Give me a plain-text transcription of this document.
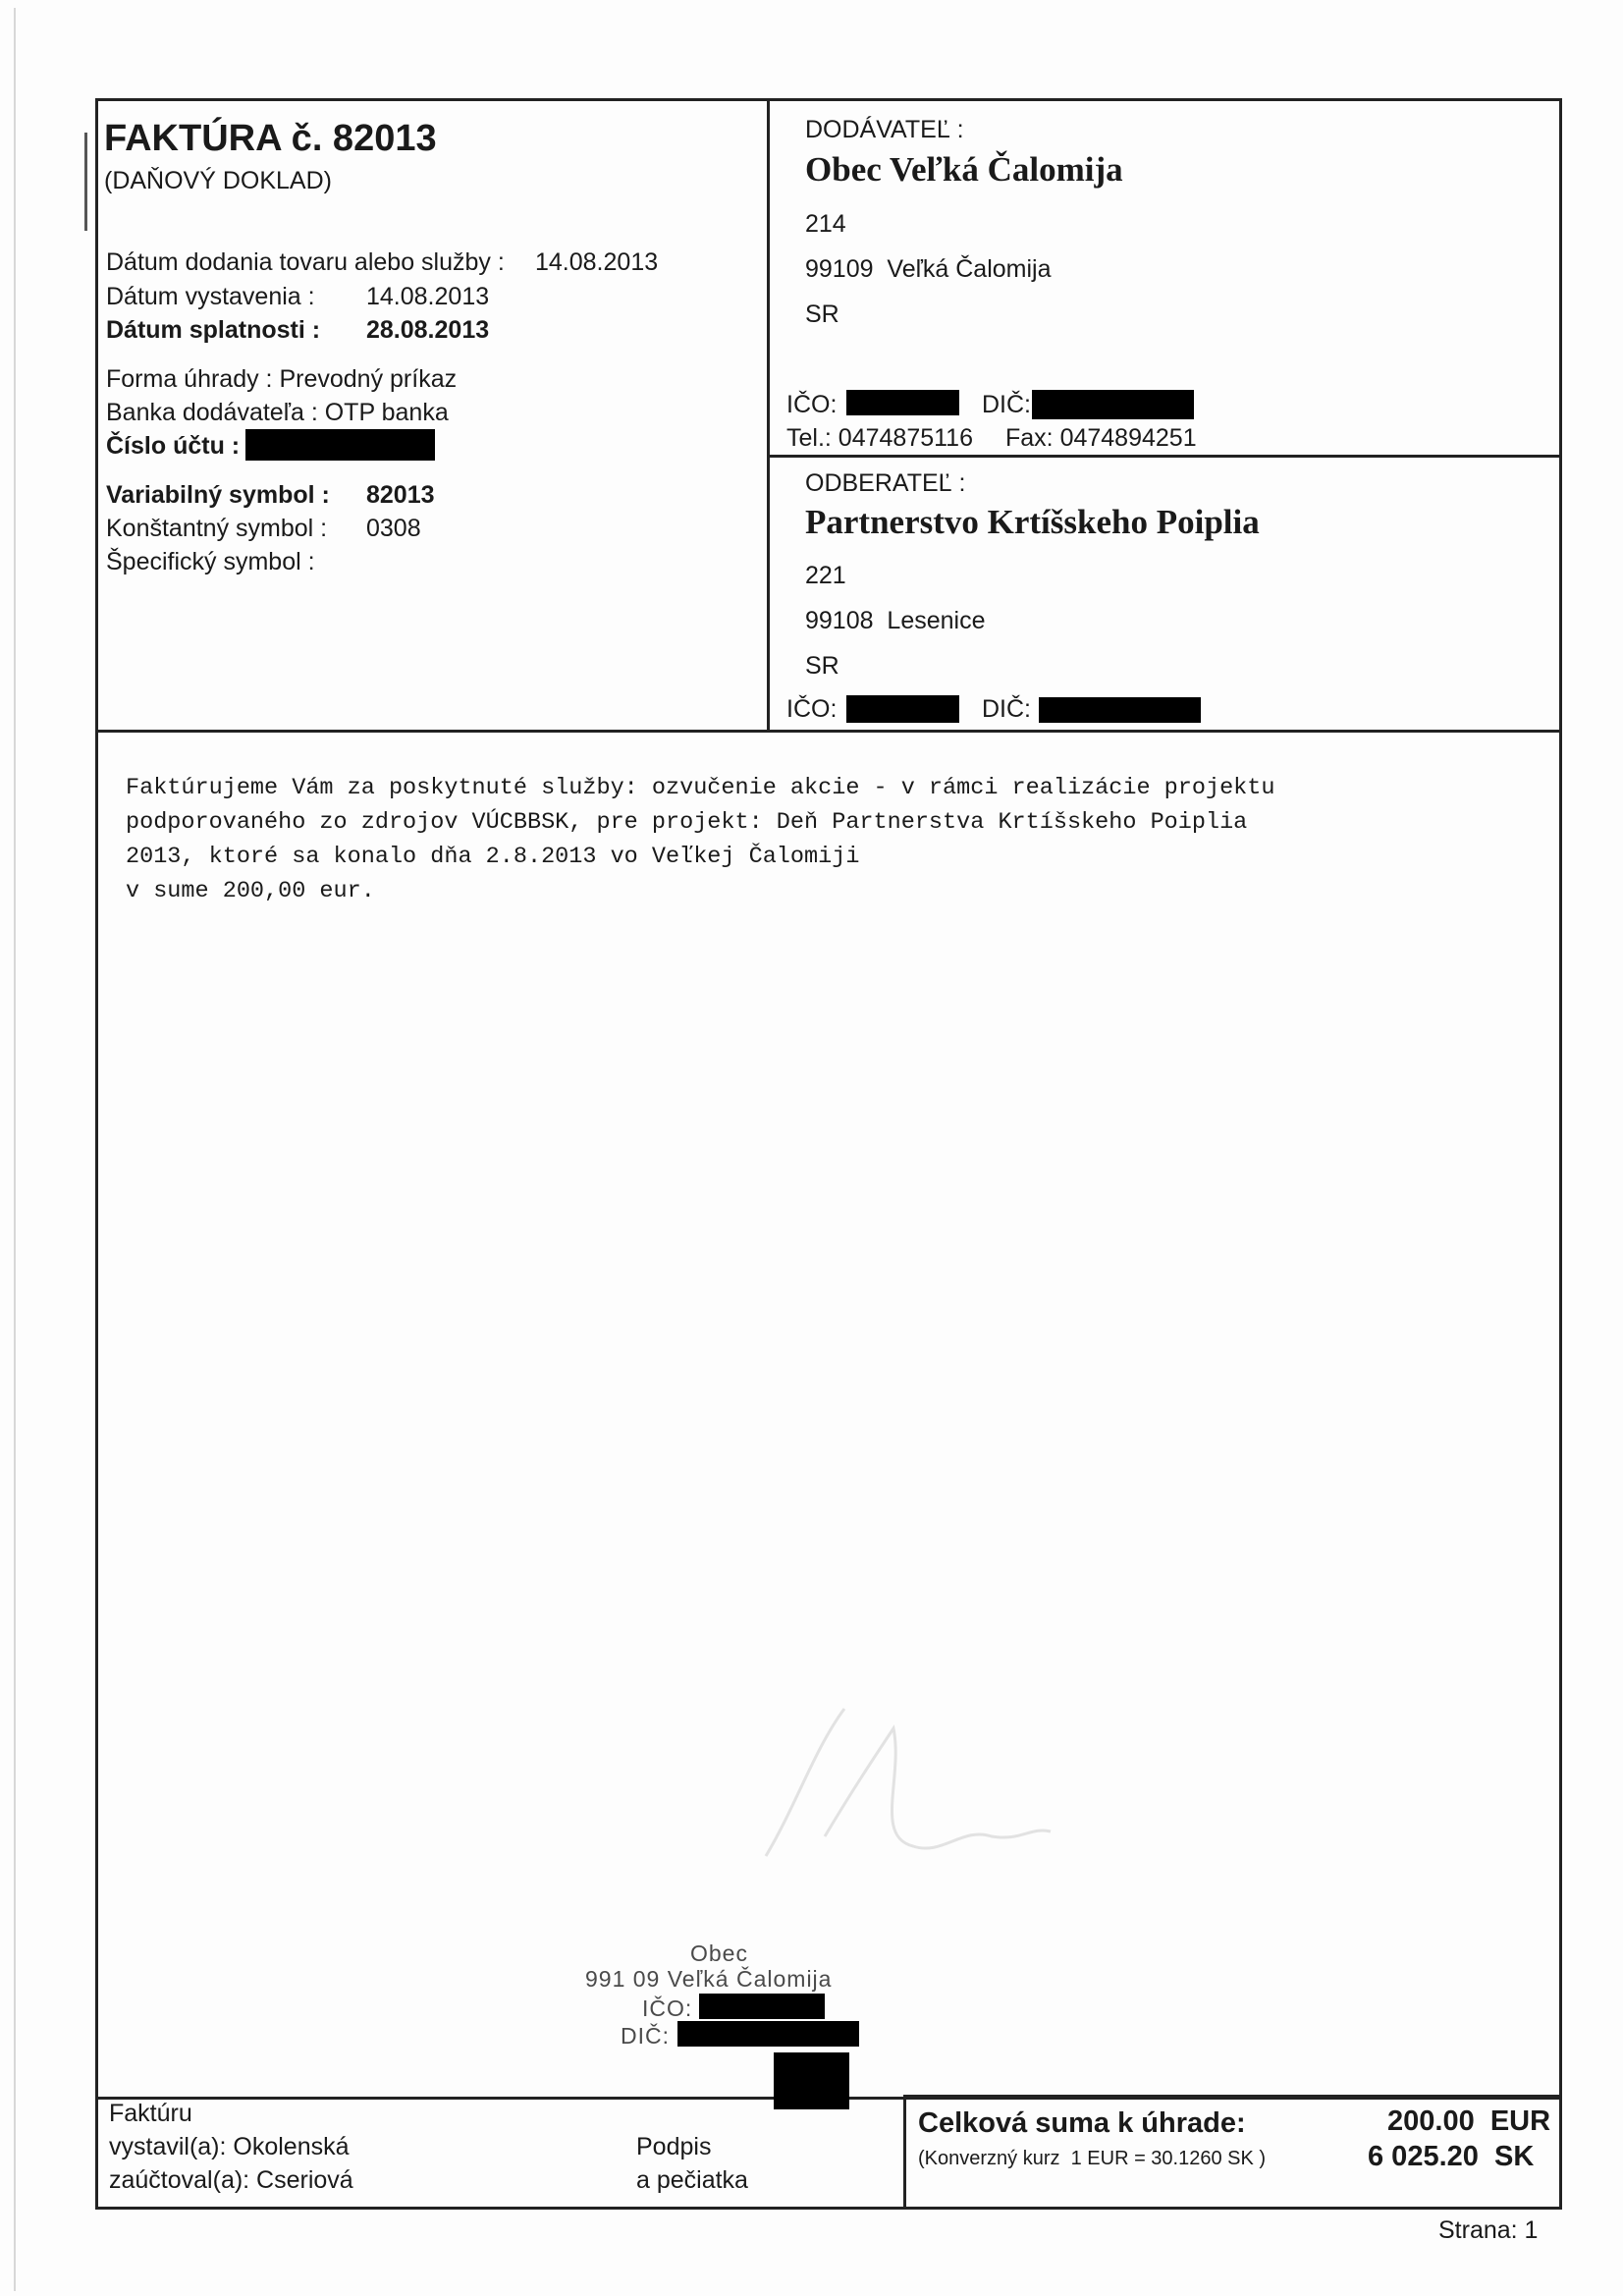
FAKTÚRA č. 82013
(DAŇOVÝ DOKLAD)
Dátum dodania tovaru alebo služby : 14.08.2013
Dátum vystavenia : 14.08.2013
Dátum splatnosti : 28.08.2013
Forma úhrady : Prevodný príkaz
Banka dodávateľa : OTP banka
Číslo účtu :
Variabilný symbol : 82013
Konštantný symbol : 0308
Špecifický symbol :
DODÁVATEĽ :
Obec Veľká Čalomija
214
99109  Veľká Čalomija
SR
IČO:	DIČ:
Tel.: 0474875116 Fax: 0474894251
ODBERATEĽ :
Partnerstvo Krtíšskeho Poiplia
221
99108  Lesenice
SR
IČO:	DIČ:
Faktúrujeme Vám za poskytnuté služby: ozvučenie akcie - v rámci realizácie projektu
podporovaného zo zdrojov VÚCBBSK, pre projekt: Deň Partnerstva Krtíšskeho Poiplia
2013, ktoré sa konalo dňa 2.8.2013 vo Veľkej Čalomiji
v sume 200,00 eur.
Obec
991 09 Veľká Čalomija
IČO:
DIČ:
Faktúru
vystavil(a): Okolenská
zaúčtoval(a): Cseriová
Podpis
a pečiatka
Celková suma k úhrade:
(Konverzný kurz  1 EUR = 30.1260 SK )
200.00  EUR
6 025.20  SK
Strana: 1
